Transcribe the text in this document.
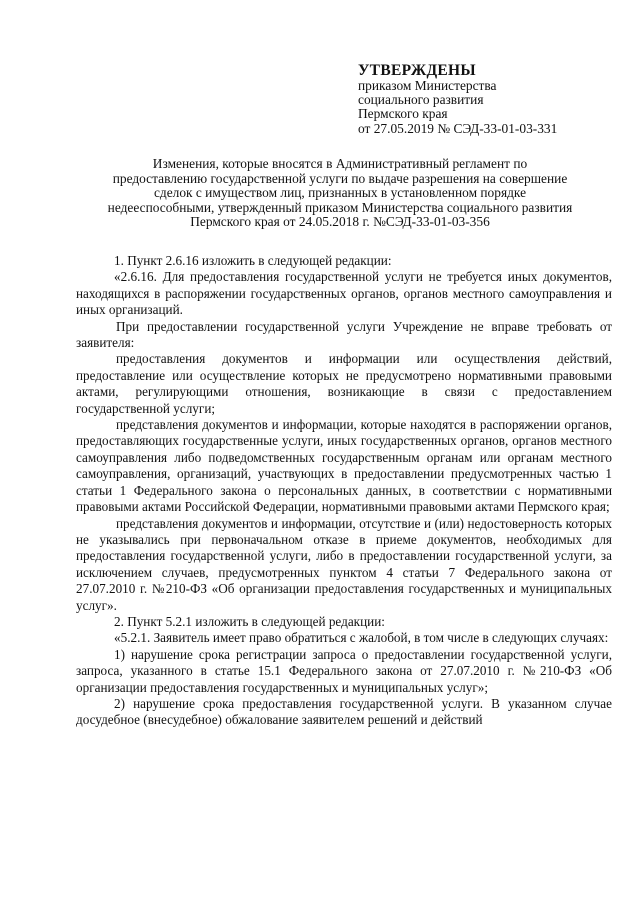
УТВЕРЖДЕНЫ
приказом Министерства
социального развития
Пермского края
от 27.05.2019 № СЭД-33-01-03-331
Изменения, которые вносятся в Административный регламент по
предоставлению государственной услуги по выдаче разрешения на совершение
сделок с имуществом лиц, признанных в установленном порядке
недееспособными, утвержденный приказом Министерства социального развития
Пермского края от 24.05.2018 г. №СЭД-33-01-03-356

1. Пункт 2.6.16 изложить в следующей редакции:

«2.6.16. Для предоставления государственной услуги не требуется иных документов, находящихся в распоряжении государственных органов, органов местного самоуправления и иных организаций.

При предоставлении государственной услуги Учреждение не вправе требовать от заявителя:

предоставления документов и информации или осуществления действий, предоставление или осуществление которых не предусмотрено нормативными правовыми актами, регулирующими отношения, возникающие в связи с предоставлением государственной услуги;

представления документов и информации, которые находятся в распоряжении органов, предоставляющих государственные услуги, иных государственных органов, органов местного самоуправления либо подведомственных государственным органам или органам местного самоуправления, организаций, участвующих в предоставлении предусмотренных частью 1 статьи 1 Федерального закона о персональных данных, в соответствии с нормативными правовыми актами Российской Федерации, нормативными правовыми актами Пермского края;

представления документов и информации, отсутствие и (или) недостоверность которых не указывались при первоначальном отказе в приеме документов, необходимых для предоставления государственной услуги, либо в предоставлении государственной услуги, за исключением случаев, предусмотренных пунктом 4 статьи 7 Федерального закона от 27.07.2010 г. №210-ФЗ «Об организации предоставления государственных и муниципальных услуг».

2. Пункт 5.2.1 изложить в следующей редакции:

«5.2.1. Заявитель имеет право обратиться с жалобой, в том числе в следующих случаях:

1) нарушение срока регистрации запроса о предоставлении государственной услуги, запроса, указанного в статье 15.1 Федерального закона от 27.07.2010 г. №210-ФЗ «Об организации предоставления государственных и муниципальных услуг»;

2) нарушение срока предоставления государственной услуги. В указанном случае досудебное (внесудебное) обжалование заявителем решений и действий
